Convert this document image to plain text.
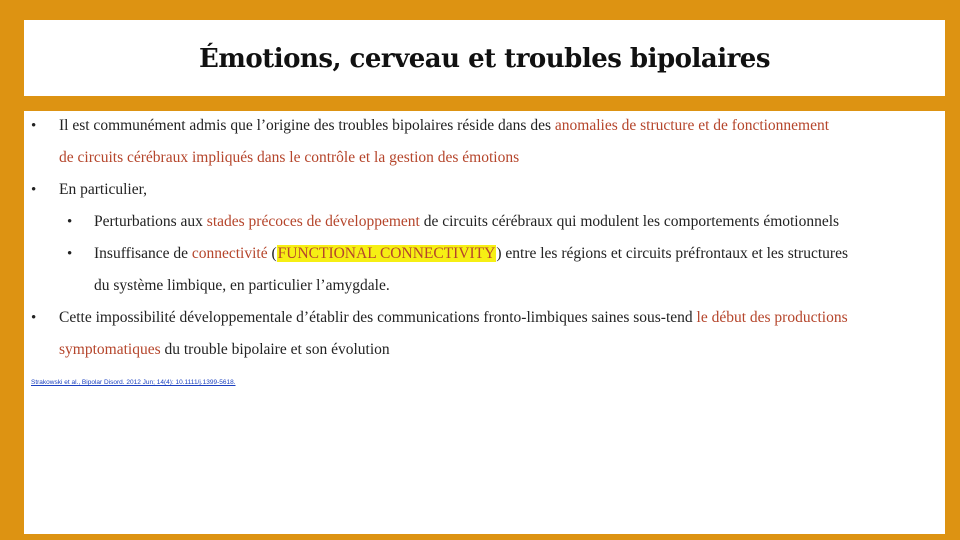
Émotions, cerveau et troubles bipolaires
• Il est communément admis que l’origine des troubles bipolaires réside dans des anomalies de structure et de fonctionnement
de circuits cérébraux impliqués dans le contrôle et la gestion des émotions
• En particulier,
• Perturbations aux stades précoces de développement de circuits cérébraux qui modulent les comportements émotionnels
• Insuffisance de connectivité (FUNCTIONAL CONNECTIVITY) entre les régions et circuits préfrontaux et les structures
du système limbique, en particulier l’amygdale.
• Cette impossibilité développementale d’établir des communications fronto-limbiques saines sous-tend le début des productions
symptomatiques du trouble bipolaire et son évolution
Strakowski et al., Bipolar Disord. 2012 Jun; 14(4): 10.1111/j.1399-5618.
